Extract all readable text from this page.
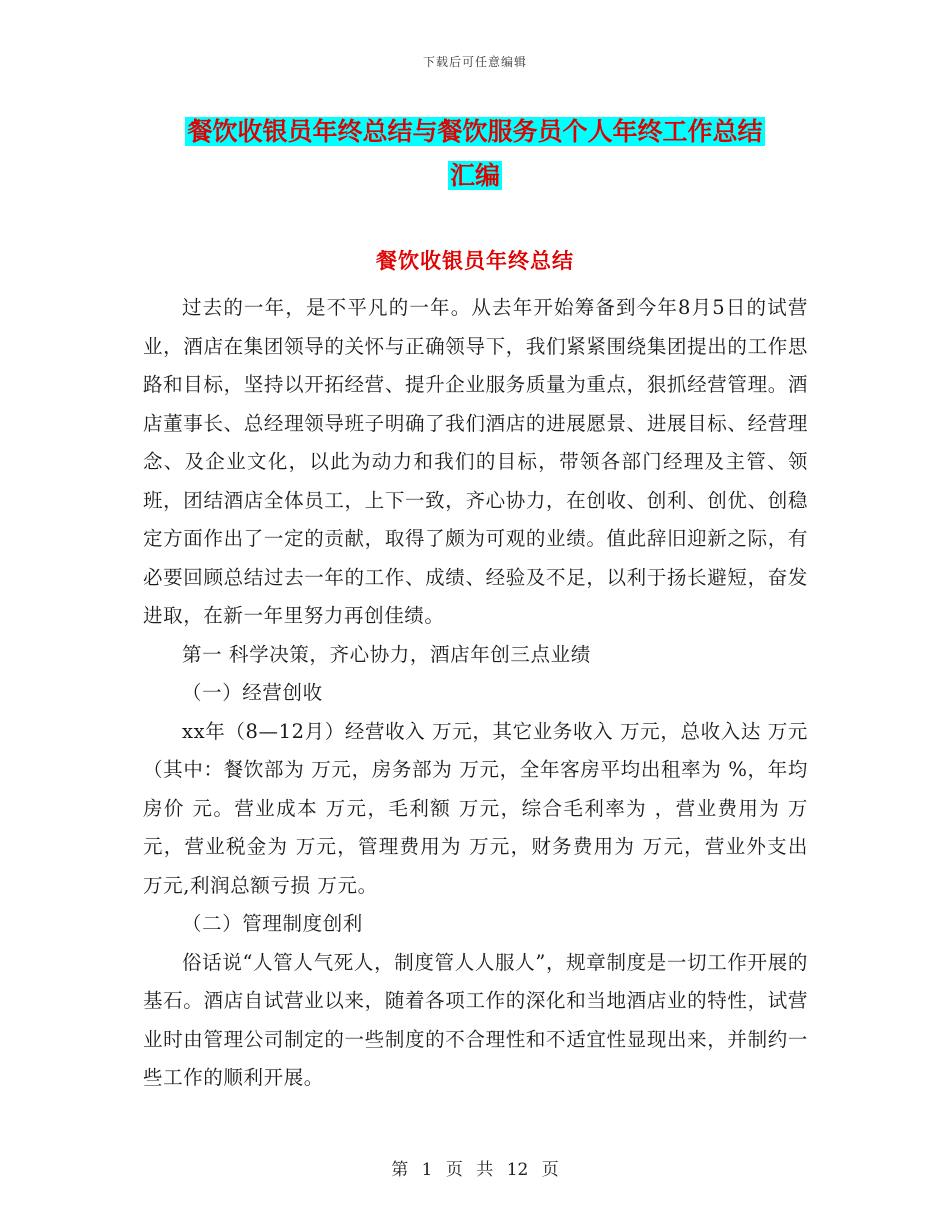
下载后可任意编辑
餐饮收银员年终总结与餐饮服务员个人年终工作总结
汇编
餐饮收银员年终总结

过去的一年，是不平凡的一年。从去年开始筹备到今年8月5日的试营业，酒店在集团领导的关怀与正确领导下，我们紧紧围绕集团提出的工作思路和目标，坚持以开拓经营、提升企业服务质量为重点，狠抓经营管理。酒店董事长、总经理领导班子明确了我们酒店的进展愿景、进展目标、经营理念、及企业文化，以此为动力和我们的目标，带领各部门经理及主管、领班，团结酒店全体员工，上下一致，齐心协力，在创收、创利、创优、创稳定方面作出了一定的贡献，取得了颇为可观的业绩。值此辞旧迎新之际，有必要回顾总结过去一年的工作、成绩、经验及不足，以利于扬长避短，奋发进取，在新一年里努力再创佳绩。

第一 科学决策，齐心协力，酒店年创三点业绩

（一）经营创收

xx年（8—12月）经营收入 万元，其它业务收入 万元，总收入达 万元（其中：餐饮部为 万元，房务部为 万元，全年客房平均出租率为 %，年均房价 元。营业成本 万元，毛利额 万元，综合毛利率为 ，营业费用为 万元，营业税金为 万元，管理费用为 万元，财务费用为 万元，营业外支出 万元,利润总额亏损 万元。

（二）管理制度创利

俗话说“人管人气死人，制度管人人服人”，规章制度是一切工作开展的基石。酒店自试营业以来，随着各项工作的深化和当地酒店业的特性，试营业时由管理公司制定的一些制度的不合理性和不适宜性显现出来，并制约一些工作的顺利开展。

第 1 页 共 12 页
